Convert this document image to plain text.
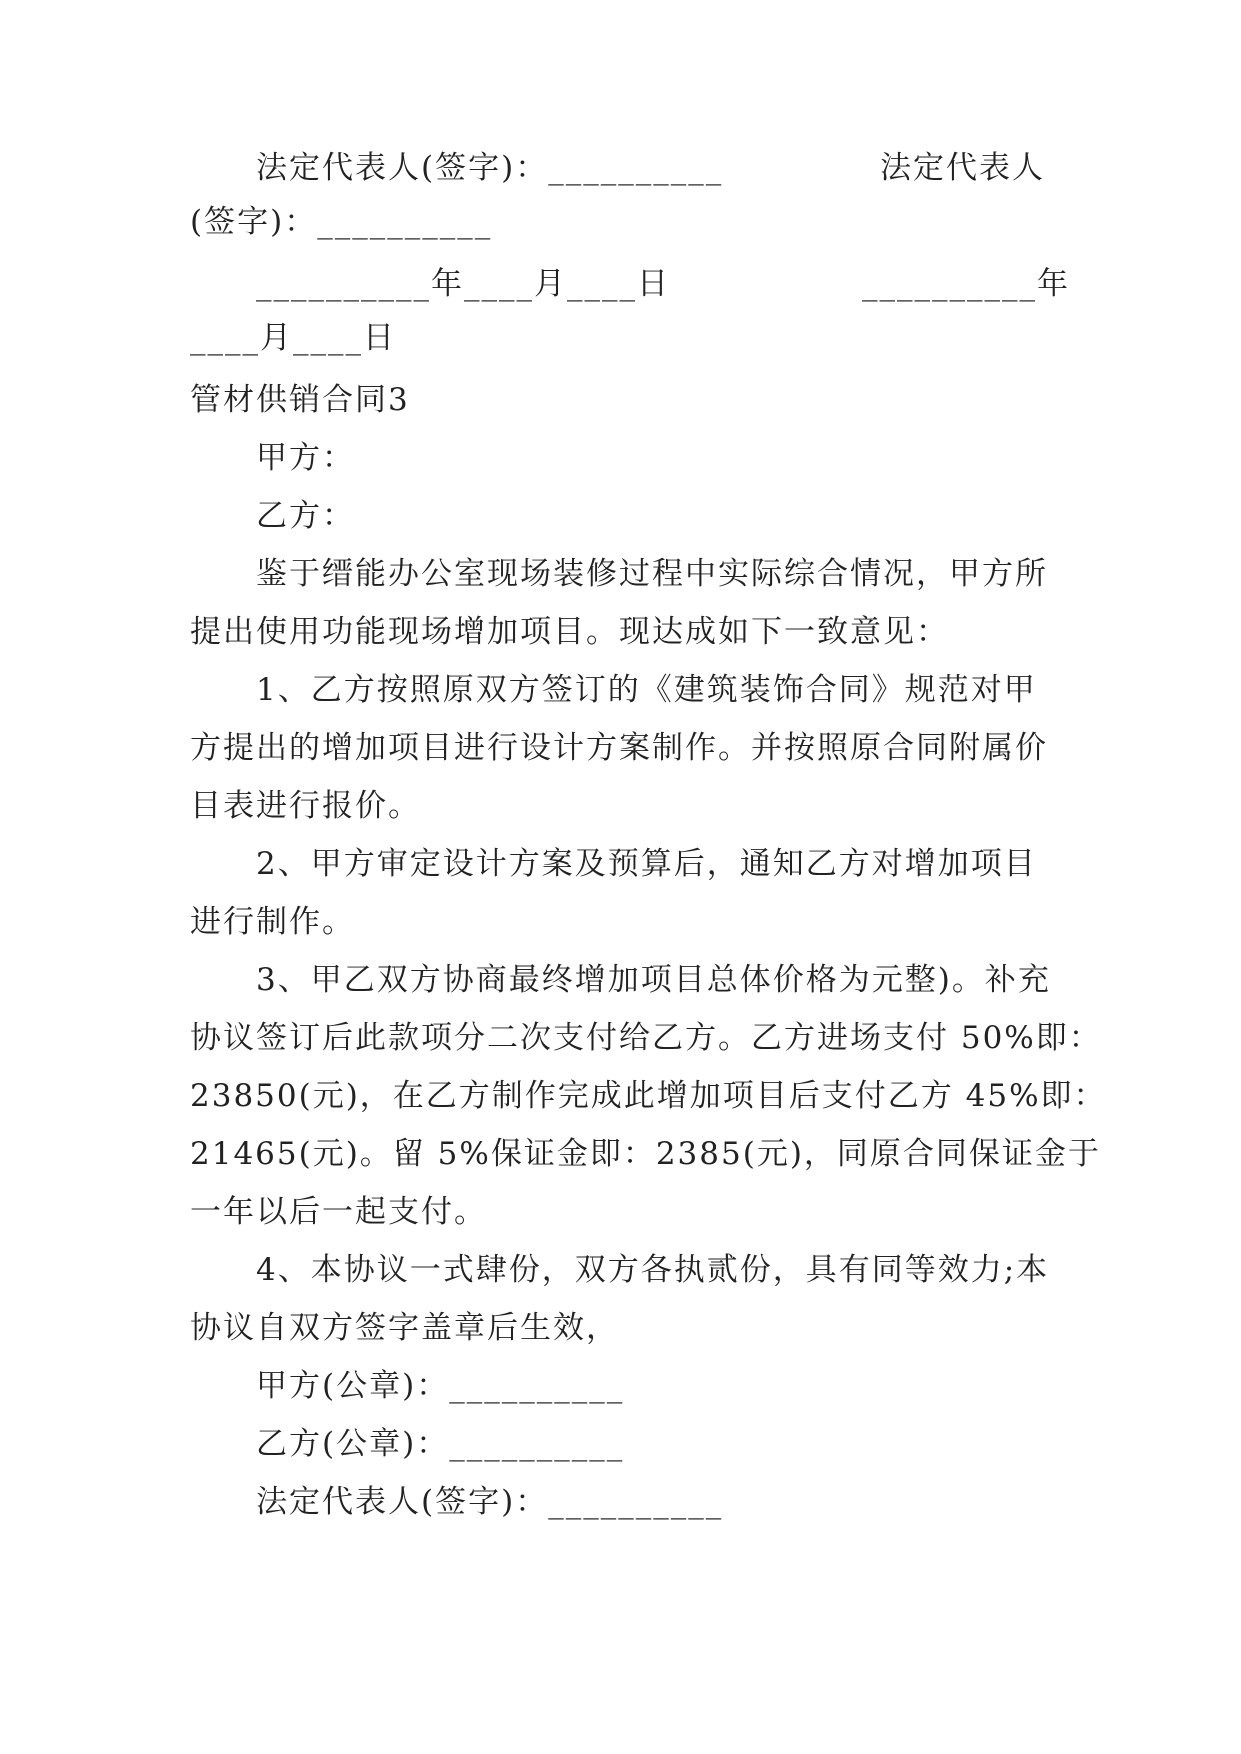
法定代表人(签字)：__________	法定代表人
(签字)：__________
__________年____月____日	__________年
____月____日
管材供销合同3
甲方：
乙方：
鉴于缙能办公室现场装修过程中实际综合情况，甲方所
提出使用功能现场增加项目。现达成如下一致意见：
1、乙方按照原双方签订的《建筑装饰合同》规范对甲
方提出的增加项目进行设计方案制作。并按照原合同附属价
目表进行报价。
2、甲方审定设计方案及预算后，通知乙方对增加项目
进行制作。
3、甲乙双方协商最终增加项目总体价格为元整)。补充
协议签订后此款项分二次支付给乙方。乙方进场支付 50%即：
23850(元)，在乙方制作完成此增加项目后支付乙方 45%即：
21465(元)。留 5%保证金即：2385(元)，同原合同保证金于
一年以后一起支付。
4、本协议一式肆份，双方各执贰份，具有同等效力;本
协议自双方签字盖章后生效，
甲方(公章)：__________
乙方(公章)：__________
法定代表人(签字)：__________
